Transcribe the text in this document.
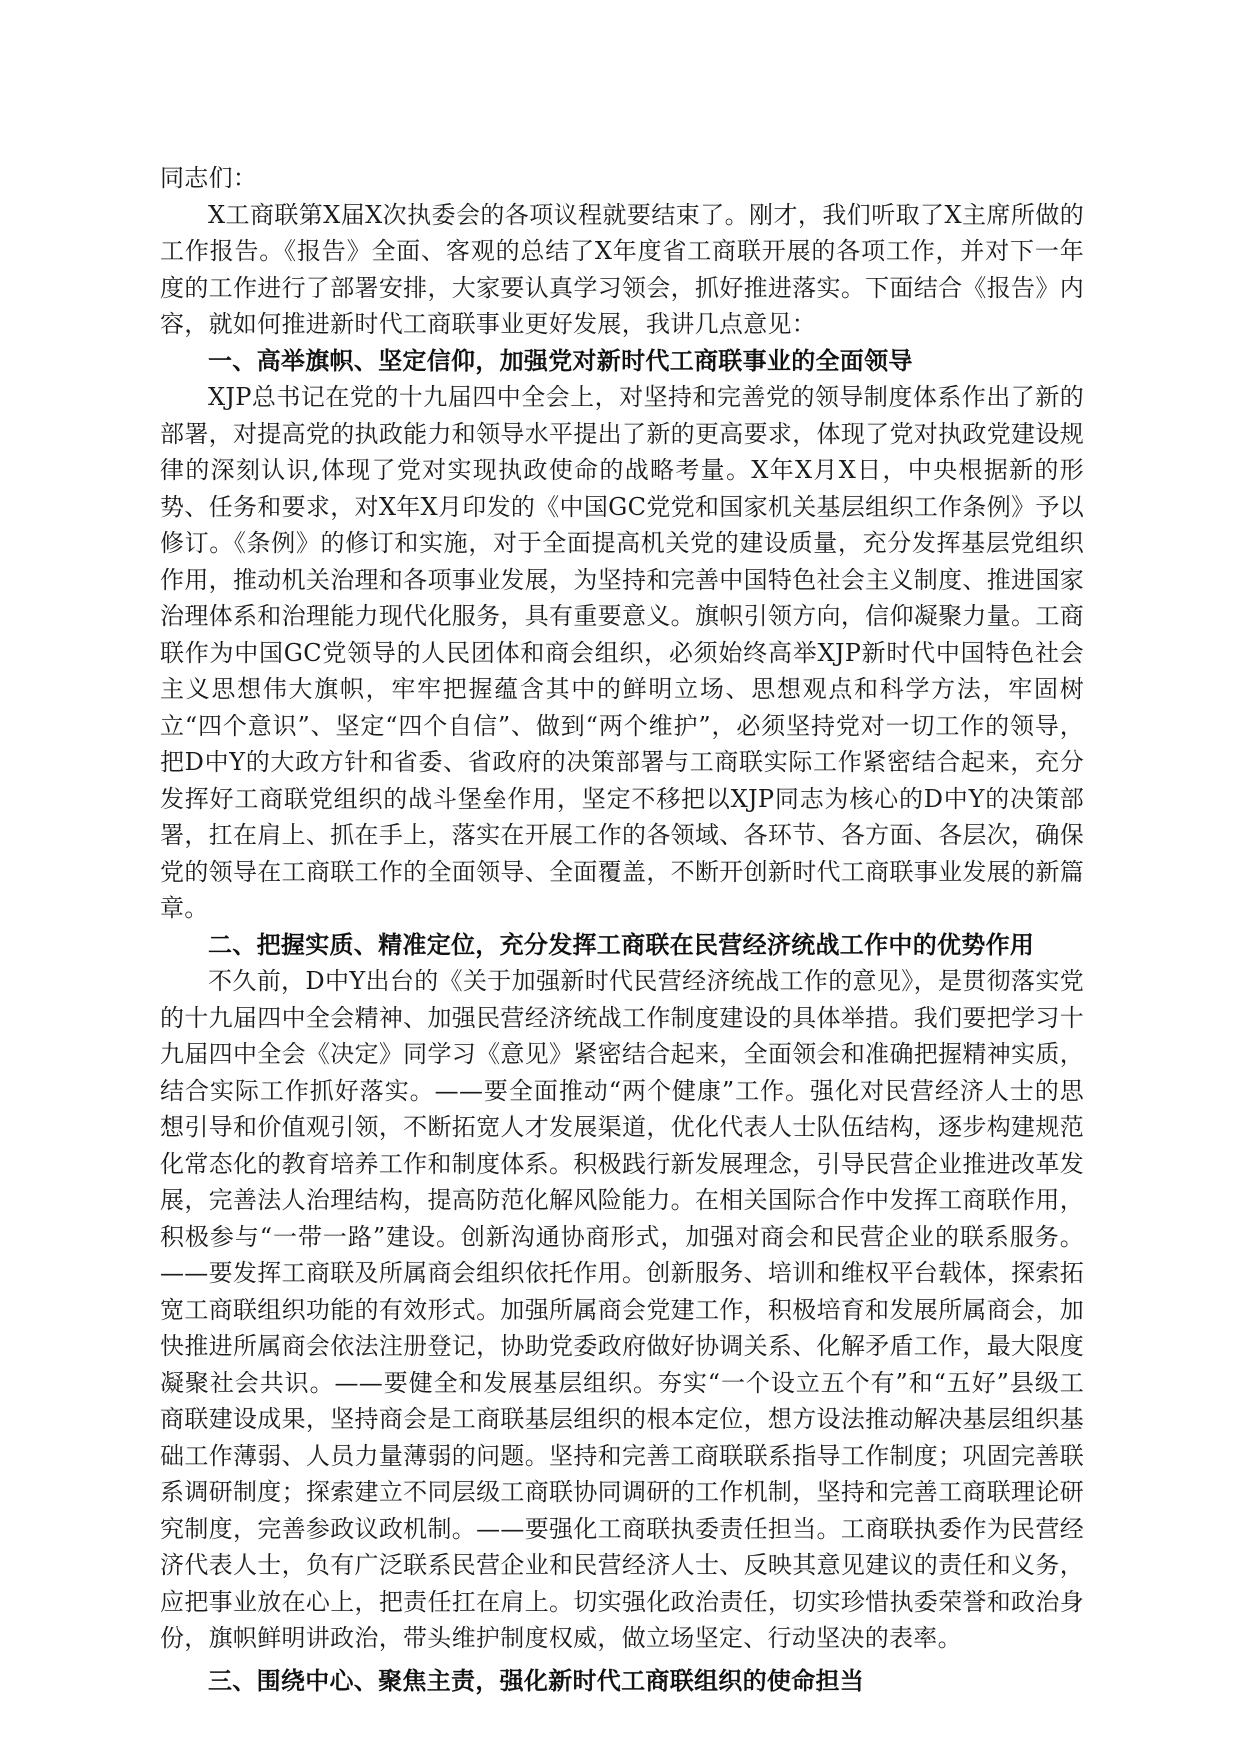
同志们：

X工商联第X届X次执委会的各项议程就要结束了。刚才，我们听取了X主席所做的工作报告。《报告》全面、客观的总结了X年度省工商联开展的各项工作，并对下一年度的工作进行了部署安排，大家要认真学习领会，抓好推进落实。下面结合《报告》内容，就如何推进新时代工商联事业更好发展，我讲几点意见：

一、高举旗帜、坚定信仰，加强党对新时代工商联事业的全面领导

XJP总书记在党的十九届四中全会上，对坚持和完善党的领导制度体系作出了新的部署，对提高党的执政能力和领导水平提出了新的更高要求，体现了党对执政党建设规律的深刻认识,体现了党对实现执政使命的战略考量。X年X月X日，中央根据新的形势、任务和要求，对X年X月印发的《中国GC党党和国家机关基层组织工作条例》予以修订。《条例》的修订和实施，对于全面提高机关党的建设质量，充分发挥基层党组织作用，推动机关治理和各项事业发展，为坚持和完善中国特色社会主义制度、推进国家治理体系和治理能力现代化服务，具有重要意义。旗帜引领方向，信仰凝聚力量。工商联作为中国GC党领导的人民团体和商会组织，必须始终高举XJP新时代中国特色社会主义思想伟大旗帜，牢牢把握蕴含其中的鲜明立场、思想观点和科学方法，牢固树立“四个意识”、坚定“四个自信”、做到“两个维护”，必须坚持党对一切工作的领导，把D中Y的大政方针和省委、省政府的决策部署与工商联实际工作紧密结合起来，充分发挥好工商联党组织的战斗堡垒作用，坚定不移把以XJP同志为核心的D中Y的决策部署，扛在肩上、抓在手上，落实在开展工作的各领域、各环节、各方面、各层次，确保党的领导在工商联工作的全面领导、全面覆盖，不断开创新时代工商联事业发展的新篇章。

二、把握实质、精准定位，充分发挥工商联在民营经济统战工作中的优势作用

不久前，D中Y出台的《关于加强新时代民营经济统战工作的意见》，是贯彻落实党的十九届四中全会精神、加强民营经济统战工作制度建设的具体举措。我们要把学习十九届四中全会《决定》同学习《意见》紧密结合起来，全面领会和准确把握精神实质，结合实际工作抓好落实。——要全面推动“两个健康”工作。强化对民营经济人士的思想引导和价值观引领，不断拓宽人才发展渠道，优化代表人士队伍结构，逐步构建规范化常态化的教育培养工作和制度体系。积极践行新发展理念，引导民营企业推进改革发展，完善法人治理结构，提高防范化解风险能力。在相关国际合作中发挥工商联作用，积极参与“一带一路”建设。创新沟通协商形式，加强对商会和民营企业的联系服务。——要发挥工商联及所属商会组织依托作用。创新服务、培训和维权平台载体，探索拓宽工商联组织功能的有效形式。加强所属商会党建工作，积极培育和发展所属商会，加快推进所属商会依法注册登记，协助党委政府做好协调关系、化解矛盾工作，最大限度凝聚社会共识。——要健全和发展基层组织。夯实“一个设立五个有”和“五好”县级工商联建设成果，坚持商会是工商联基层组织的根本定位，想方设法推动解决基层组织基础工作薄弱、人员力量薄弱的问题。坚持和完善工商联联系指导工作制度；巩固完善联系调研制度；探索建立不同层级工商联协同调研的工作机制，坚持和完善工商联理论研究制度，完善参政议政机制。——要强化工商联执委责任担当。工商联执委作为民营经济代表人士，负有广泛联系民营企业和民营经济人士、反映其意见建议的责任和义务，应把事业放在心上，把责任扛在肩上。切实强化政治责任，切实珍惜执委荣誉和政治身份，旗帜鲜明讲政治，带头维护制度权威，做立场坚定、行动坚决的表率。

三、围绕中心、聚焦主责，强化新时代工商联组织的使命担当
